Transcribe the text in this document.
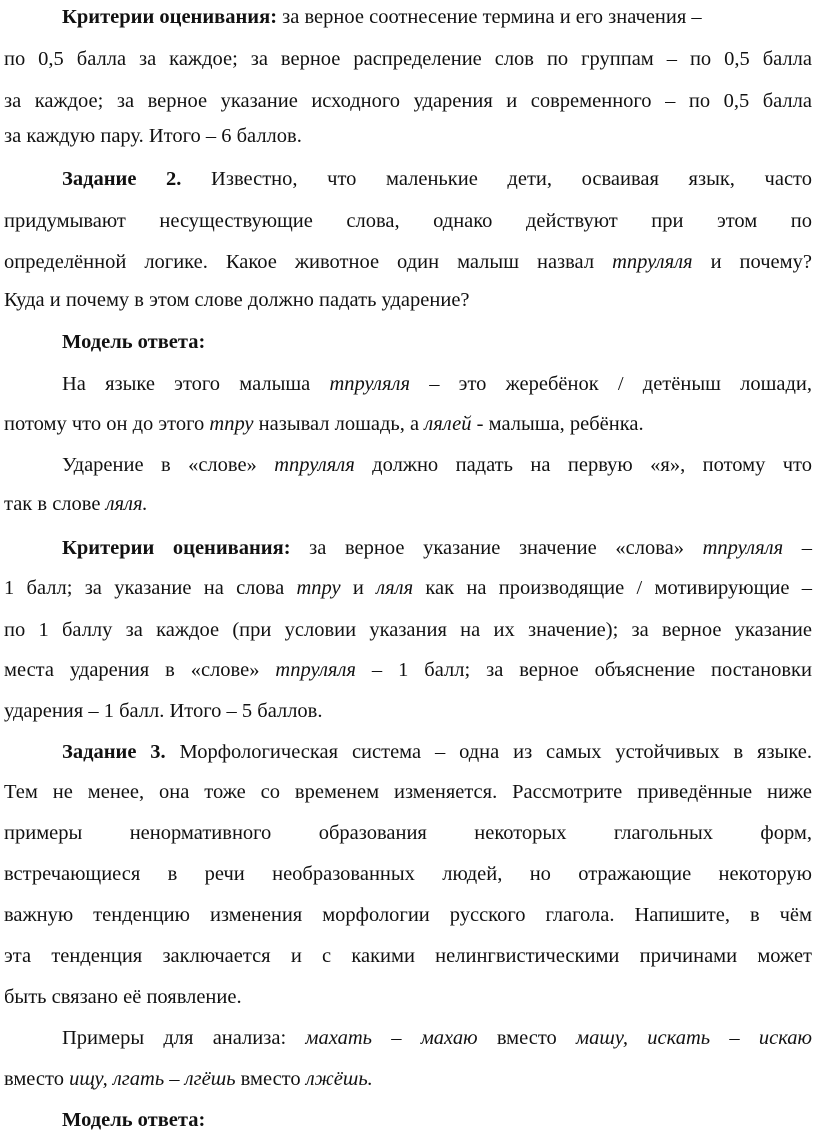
Критерии оценивания: за верное соотнесение термина и его значения –
по 0,5 балла за каждое; за верное распределение слов по группам – по 0,5 балла
за каждое; за верное указание исходного ударения и современного – по 0,5 балла
за каждую пару. Итого – 6 баллов.
Задание 2. Известно, что маленькие дети, осваивая язык, часто
придумывают несуществующие слова, однако действуют при этом по
определённой логике. Какое животное один малыш назвал тпруляля и почему?
Куда и почему в этом слове должно падать ударение?
Модель ответа:
На языке этого малыша тпруляля – это жеребёнок / детёныш лошади,
потому что он до этого тпру называл лошадь, а лялей - малыша, ребёнка.
Ударение в «слове» тпруляля должно падать на первую «я», потому что
так в слове ляля.
Критерии оценивания: за верное указание значение «слова» тпруляля –
1 балл; за указание на слова тпру и ляля как на производящие / мотивирующие –
по 1 баллу за каждое (при условии указания на их значение); за верное указание
места ударения в «слове» тпруляля – 1 балл; за верное объяснение постановки
ударения – 1 балл. Итого – 5 баллов.
Задание 3. Морфологическая система – одна из самых устойчивых в языке.
Тем не менее, она тоже со временем изменяется. Рассмотрите приведённые ниже
примеры ненормативного образования некоторых глагольных форм,
встречающиеся в речи необразованных людей, но отражающие некоторую
важную тенденцию изменения морфологии русского глагола. Напишите, в чём
эта тенденция заключается и с какими нелингвистическими причинами может
быть связано её появление.
Примеры для анализа: махать – махаю вместо машу, искать – искаю
вместо ищу, лгать – лгёшь вместо лжёшь.
Модель ответа:
